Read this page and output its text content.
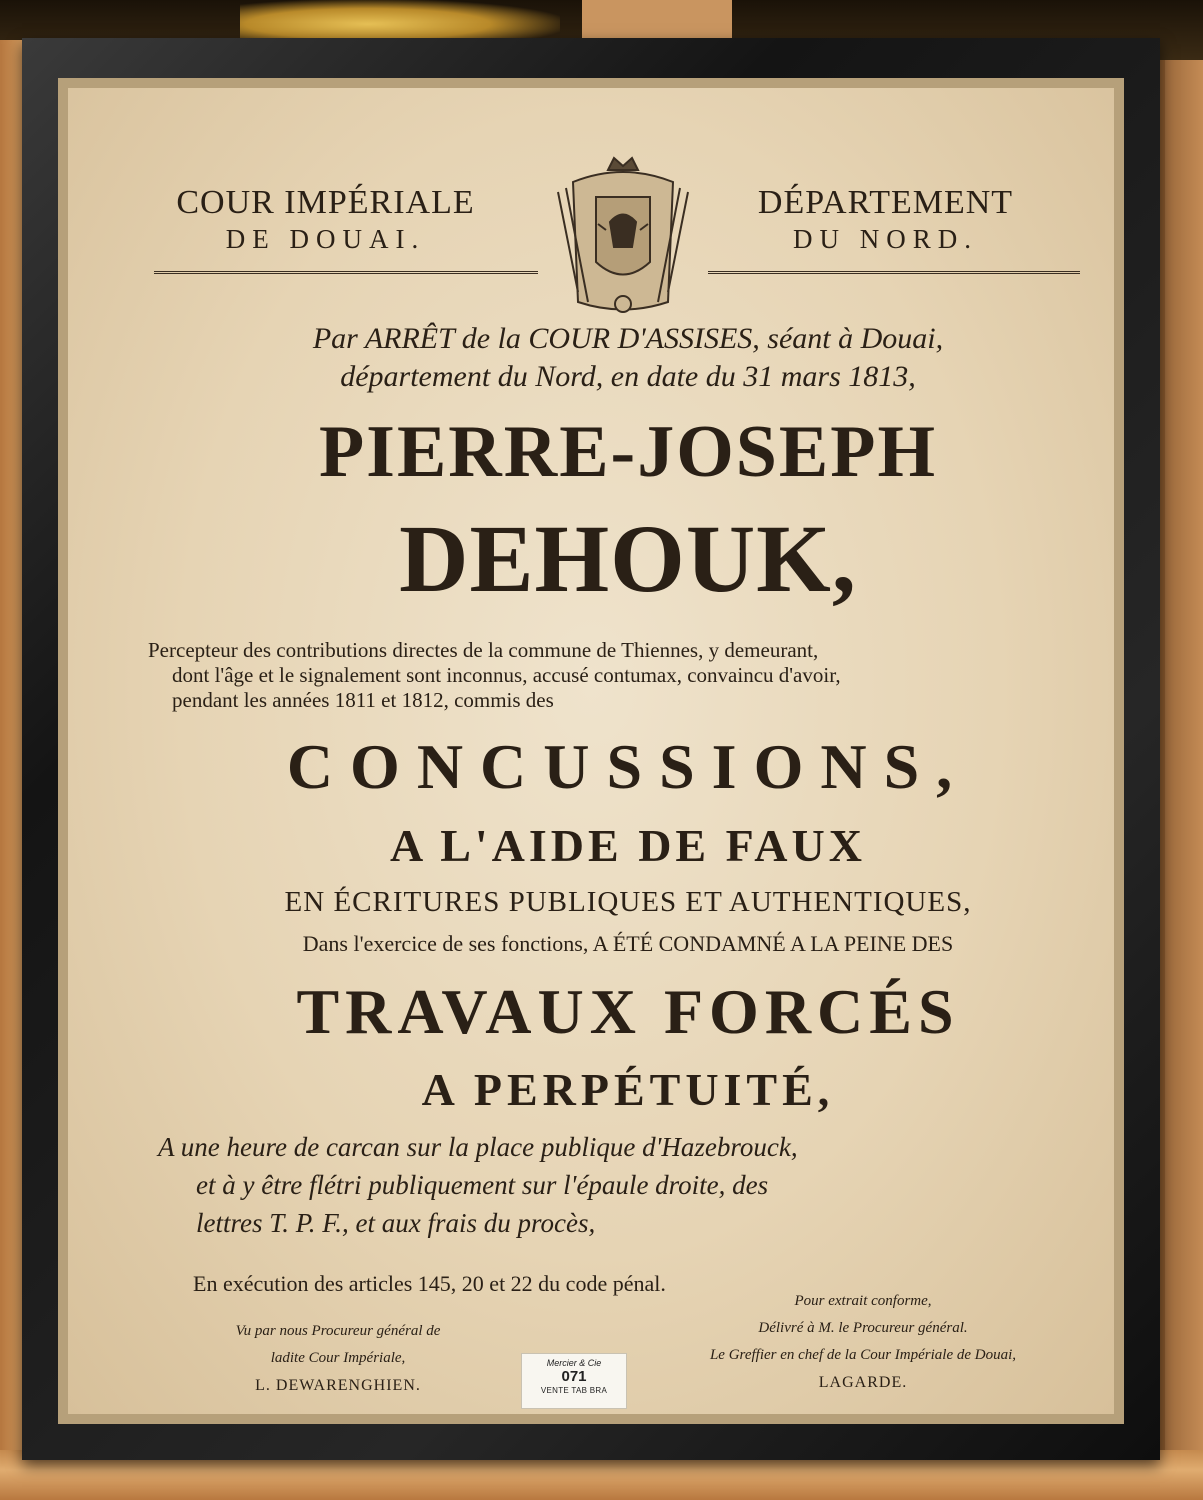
COUR IMPÉRIALE
DE DOUAI.
DÉPARTEMENT
DU NORD.
Par ARRÊT de la COUR D'ASSISES, séant à Douai,
département du Nord, en date du 31 mars 1813,
PIERRE-JOSEPH
DEHOUK,
Percepteur des contributions directes de la commune de Thiennes, y demeurant,
dont l'âge et le signalement sont inconnus, accusé contumax, convaincu d'avoir,
pendant les années 1811 et 1812, commis des
CONCUSSIONS,
A L'AIDE DE FAUX
EN ÉCRITURES PUBLIQUES ET AUTHENTIQUES,
Dans l'exercice de ses fonctions, A ÉTÉ CONDAMNÉ A LA PEINE DES
TRAVAUX FORCÉS
A PERPÉTUITÉ,
A une heure de carcan sur la place publique d'Hazebrouck,
et à y être flétri publiquement sur l'épaule droite, des
lettres T. P. F., et aux frais du procès,
En exécution des articles 145, 20 et 22 du code pénal.
Vu par nous Procureur général de
ladite Cour Impériale,
L. DEWARENGHIEN.
Pour extrait conforme,
Délivré à M. le Procureur général.
Le Greffier en chef de la Cour Impériale de Douai,
LAGARDE.
Mercier & Cie
071
VENTE TAB BRA
